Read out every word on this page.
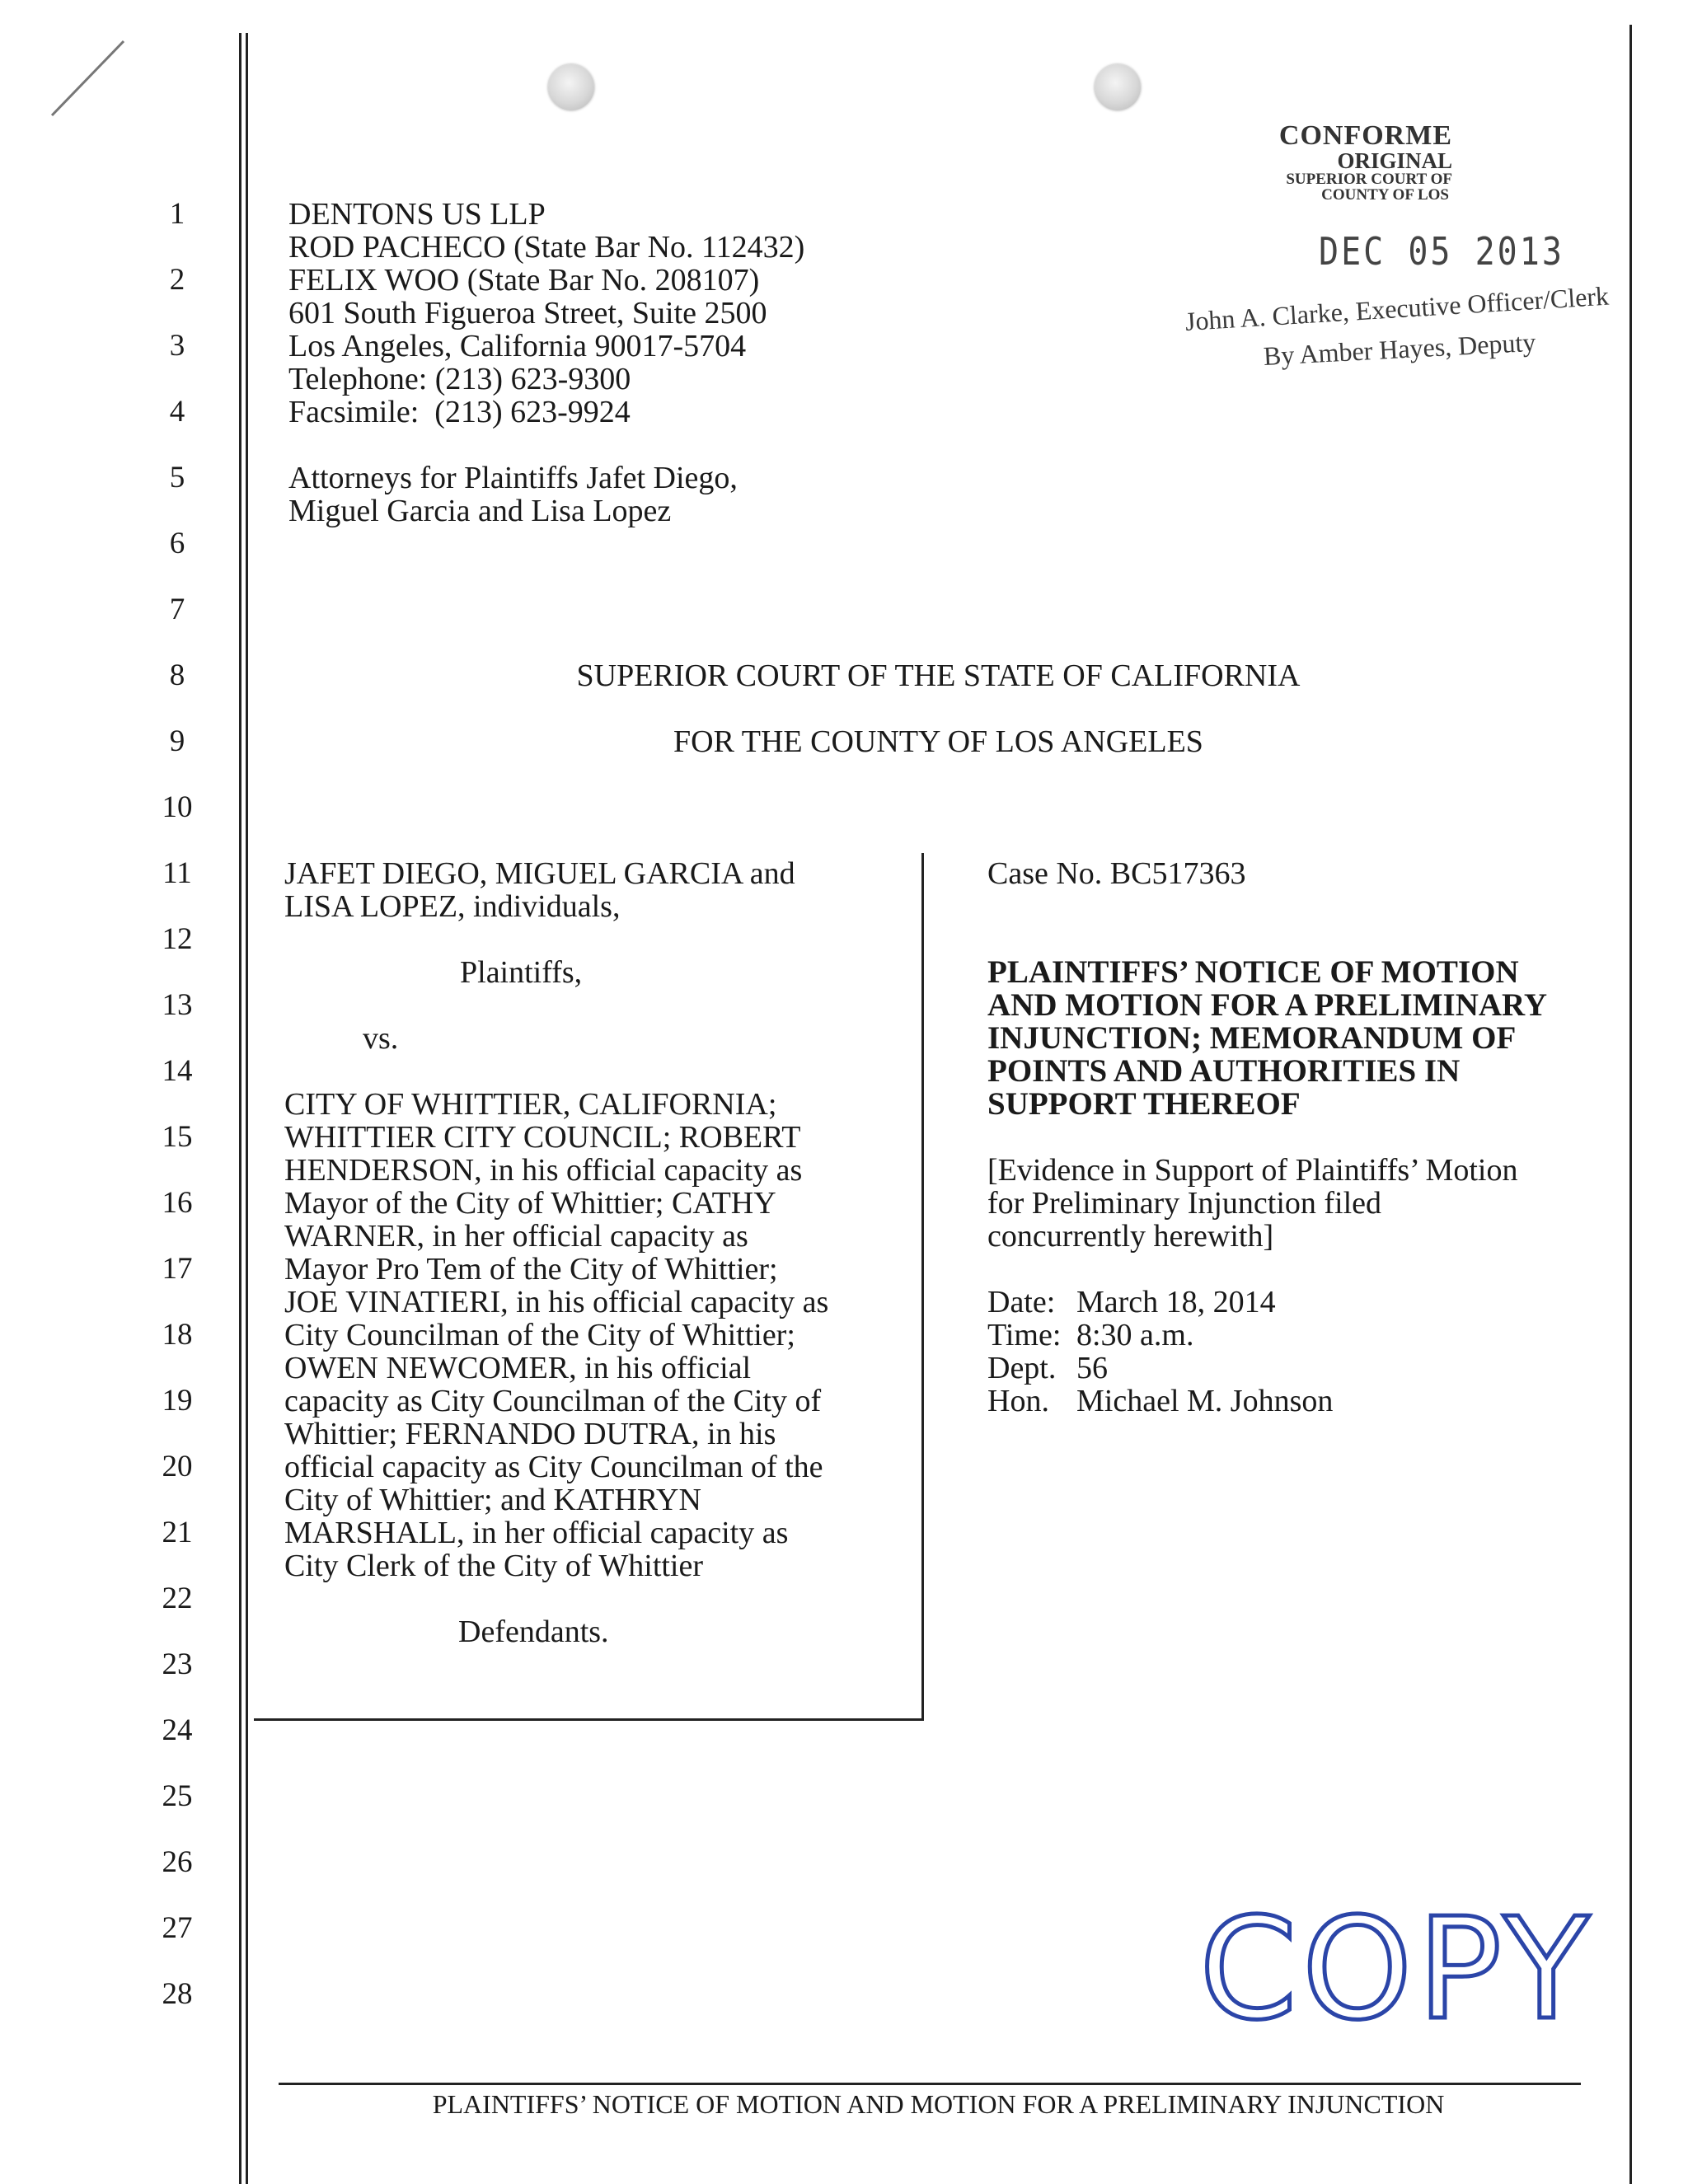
1
2
3
4
5
6
7
8
9
10
11
12
13
14
15
16
17
18
19
20
21
22
23
24
25
26
27
28
DENTONS US LLP
ROD PACHECO (State Bar No. 112432)
FELIX WOO (State Bar No. 208107)
601 South Figueroa Street, Suite 2500
Los Angeles, California 90017-5704
Telephone: (213) 623-9300
Facsimile:  (213) 623-9924
Attorneys for Plaintiffs Jafet Diego,
Miguel Garcia and Lisa Lopez
CONFORME
ORIGINAL
SUPERIOR COURT OF
COUNTY OF LOS
DEC 05 2013
John A. Clarke, Executive Officer/Clerk
By Amber Hayes, Deputy
SUPERIOR COURT OF THE STATE OF CALIFORNIA
FOR THE COUNTY OF LOS ANGELES
JAFET DIEGO, MIGUEL GARCIA and
LISA LOPEZ, individuals,
Plaintiffs,
vs.
CITY OF WHITTIER, CALIFORNIA;
WHITTIER CITY COUNCIL; ROBERT
HENDERSON, in his official capacity as
Mayor of the City of Whittier; CATHY
WARNER, in her official capacity as
Mayor Pro Tem of the City of Whittier;
JOE VINATIERI, in his official capacity as
City Councilman of the City of Whittier;
OWEN NEWCOMER, in his official
capacity as City Councilman of the City of
Whittier; FERNANDO DUTRA, in his
official capacity as City Councilman of the
City of Whittier; and KATHRYN
MARSHALL, in her official capacity as
City Clerk of the City of Whittier
Defendants.
Case No. BC517363
PLAINTIFFS’ NOTICE OF MOTION
AND MOTION FOR A PRELIMINARY
INJUNCTION; MEMORANDUM OF
POINTS AND AUTHORITIES IN
SUPPORT THEREOF
[Evidence in Support of Plaintiffs’ Motion
for Preliminary Injunction filed
concurrently herewith]
Date: March 18, 2014
Time: 8:30 a.m.
Dept. 56
Hon. Michael M. Johnson
COPY
PLAINTIFFS’ NOTICE OF MOTION AND MOTION FOR A PRELIMINARY INJUNCTION
